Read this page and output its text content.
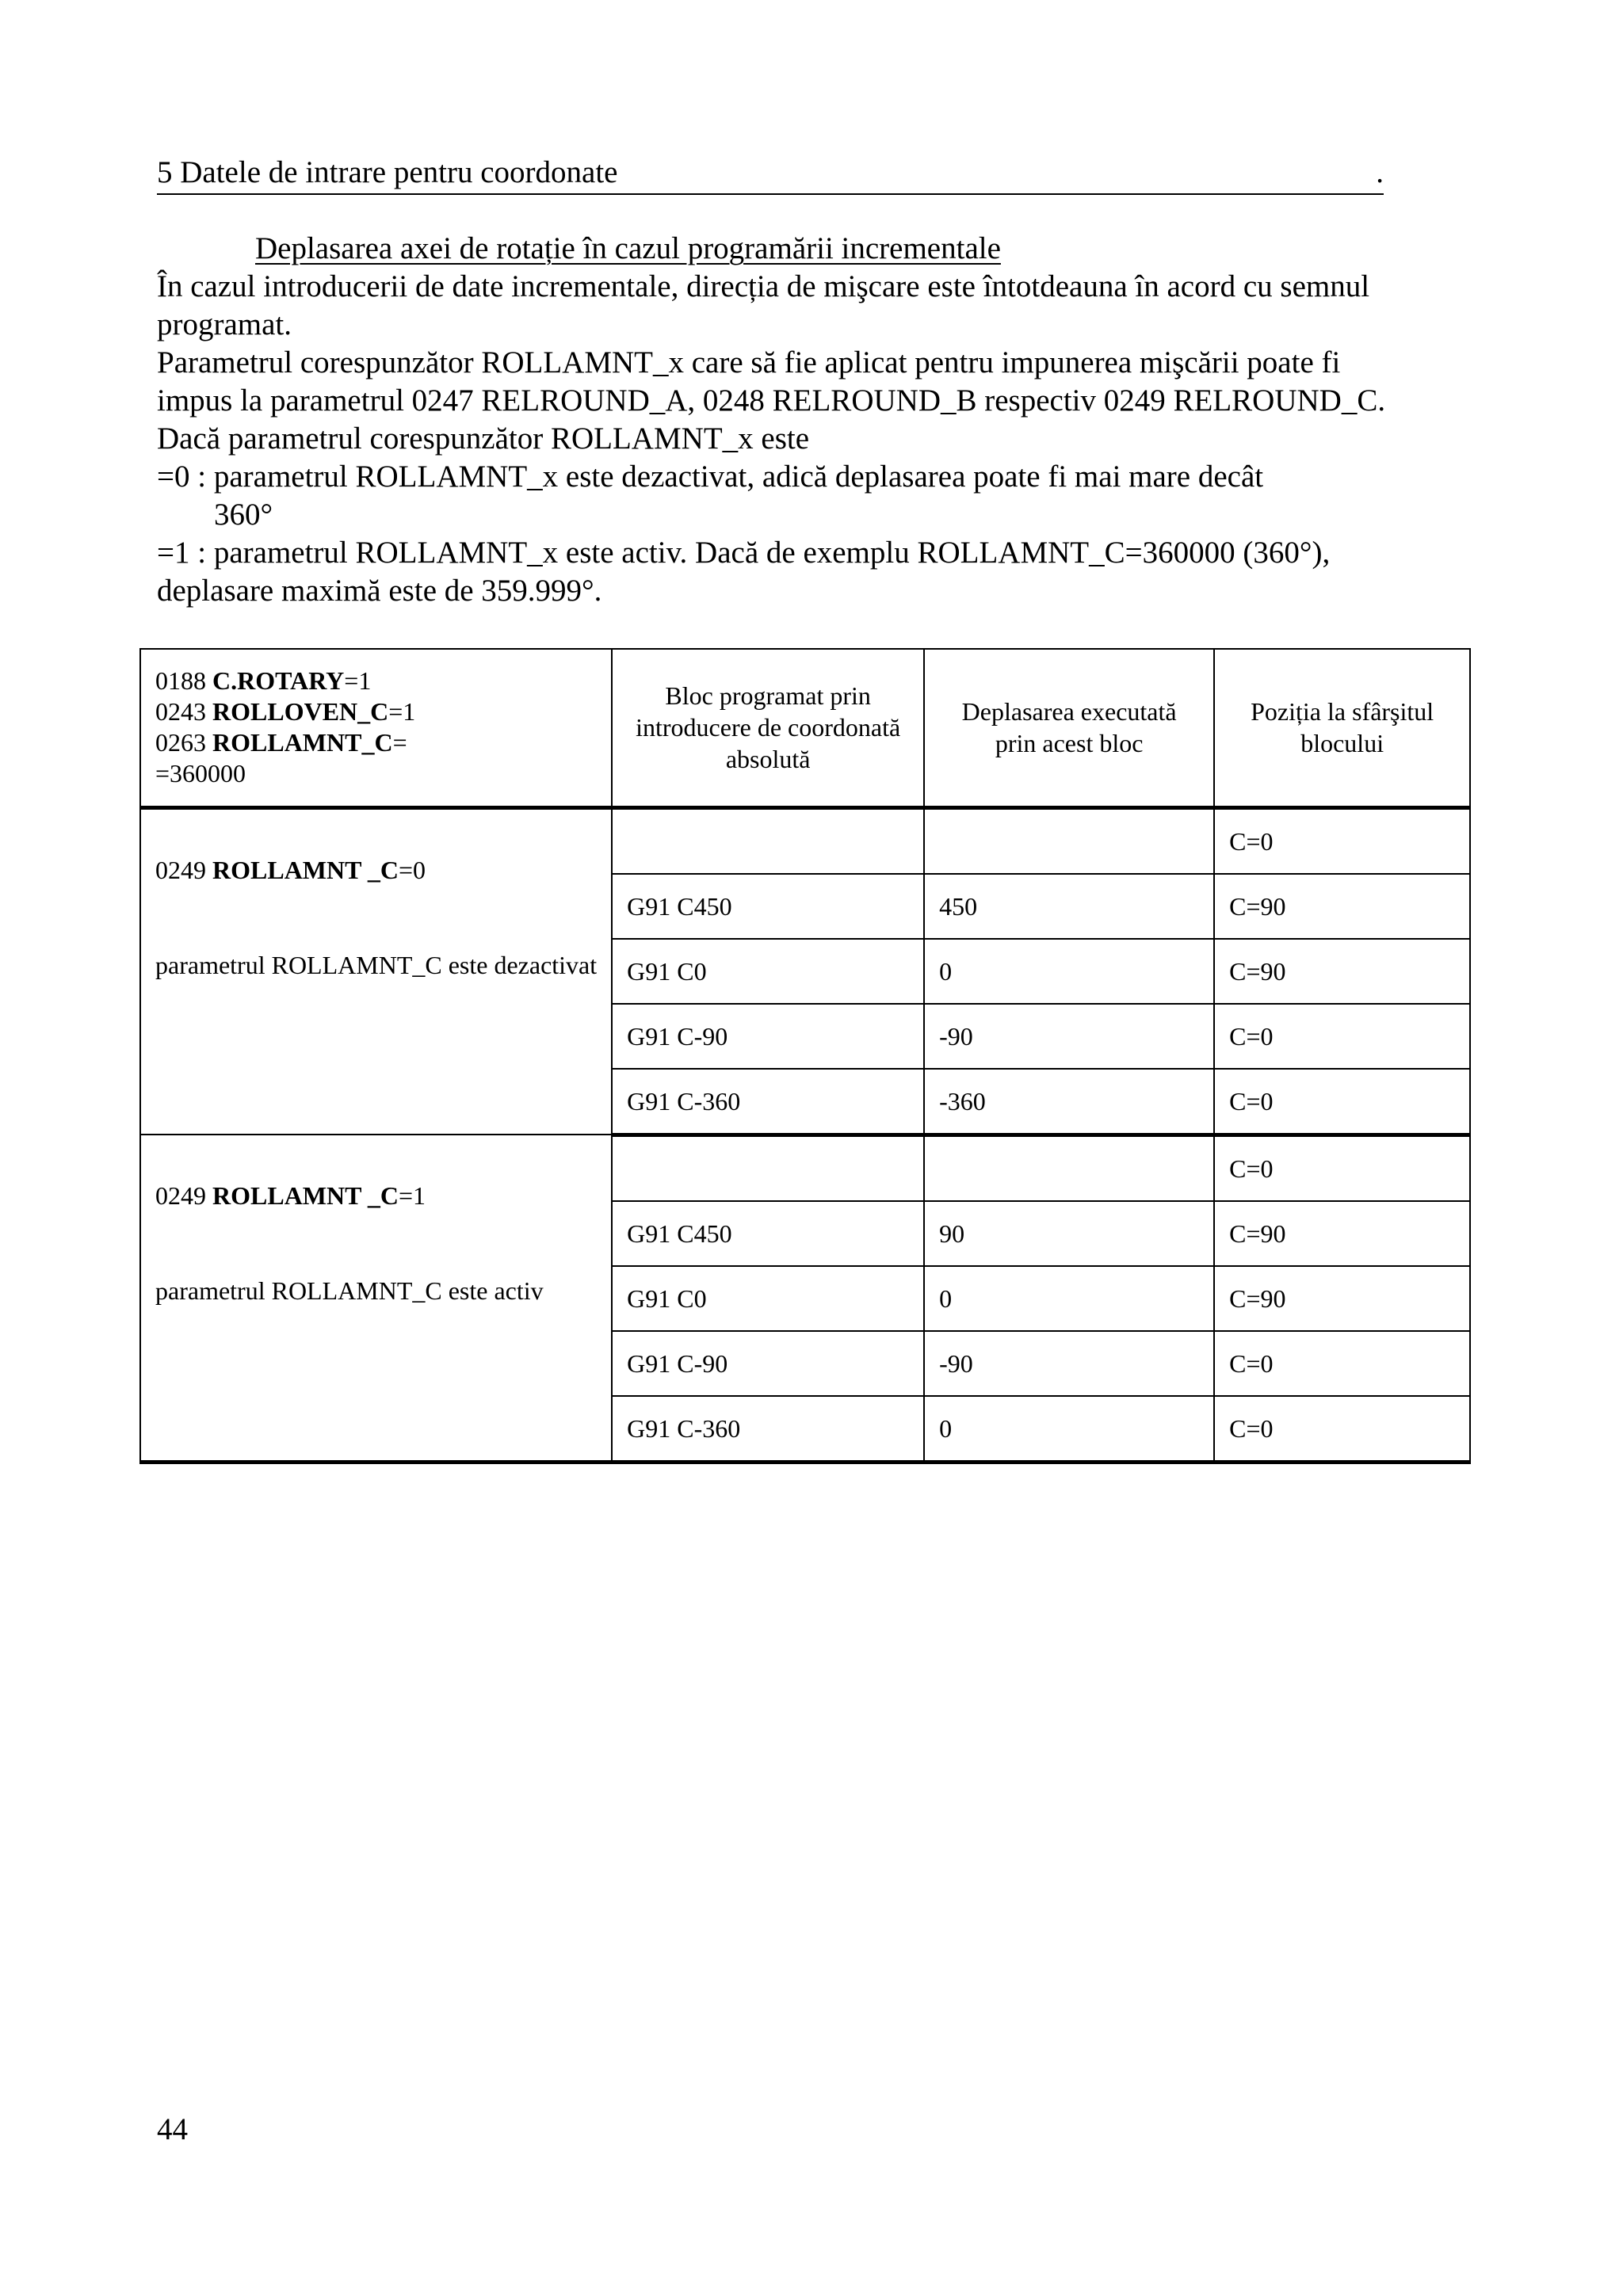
5 Datele de intrare pentru coordonate	.
Deplasarea axei de rotație în cazul programării incrementale

În cazul introducerii de date incrementale, direcția de mişcare este întotdeauna în acord cu semnul programat.

Parametrul corespunzător ROLLAMNT_x care să fie aplicat pentru impunerea mişcării poate fi impus la parametrul 0247 RELROUND_A, 0248 RELROUND_B respectiv 0249 RELROUND_C. Dacă parametrul corespunzător ROLLAMNT_x este

=0 : parametrul ROLLAMNT_x este dezactivat, adică deplasarea poate fi mai mare decât

360°

=1 : parametrul ROLLAMNT_x este activ. Dacă de exemplu ROLLAMNT_C=360000 (360°), deplasare maximă este de 359.999°.

0188 C.ROTARY=1
0243 ROLLOVEN_C=1
0263 ROLLAMNT_C=
=360000	Bloc programat prin introducere de coordonată absolută	Deplasarea executată prin acest bloc	Poziția la sfârşitul blocului

0249 ROLLAMNT _C=0
parametrul ROLLAMNT_C este dezactivat			C=0
	G91 C450	450	C=90
	G91 C0	0	C=90
	G91 C-90	-90	C=0
	G91 C-360	-360	C=0

0249 ROLLAMNT _C=1
parametrul ROLLAMNT_C este activ			C=0
	G91 C450	90	C=90
	G91 C0	0	C=90
	G91 C-90	-90	C=0
	G91 C-360	0	C=0
44
